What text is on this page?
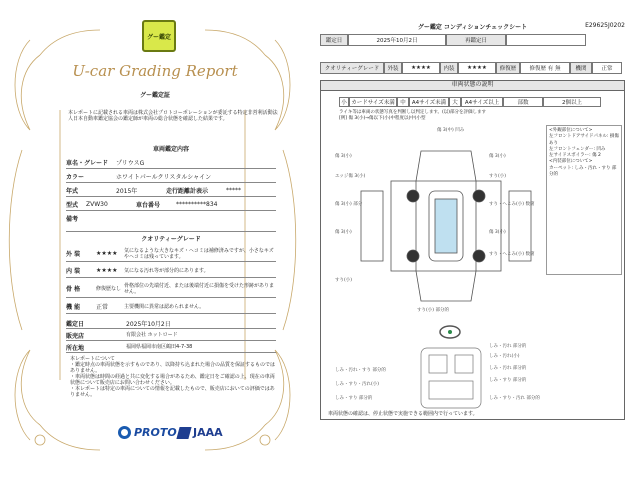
グー鑑定
U-car Grading Report
グー鑑定証
本レポートに記載される車両は株式会社プロトコーポレーションが委託する特定非営利活動法人日本自動車鑑定協会の鑑定師が車両の総合状態を確認した結果です。
車両鑑定内容
車名・グレード	プリウスG
カラー	ホワイトパールクリスタルシャイン
年式	2015年	走行距離計表示	*****
型式	ZVW30	車台番号	**********834
備考
クオリティーグレード
外 装	★★★★	気になるような大きなキズ・ヘコミは補修済みですが、小さなキズやヘコミは残っています。
内 装	★★★★	気になる汚れ等が部分的にあります。
骨 格	修復歴なし 骨格部位の先端付近、または後端付近に損傷を受けた形跡がありません。
機 能	正常	主要機関に異常は認められません。
鑑定日	2025年10月2日
販売店	有限会社 ホットロード
所在地	福岡県福岡市南区鶴田4-7-38
本レポートについて
・鑑定時点の車両状態を示すものであり、以降持ち込まれた場合の品質を保証するものではありません。
・車両状態は時間の経過と共に変化する場合があるため、鑑定日をご確認の上、現在の車両状態について販売店にお問い合わせください。
・本レポートは特定の車両についての情報を記載したもので、販売店においての評価ではありません。
PROTO JAAA
グー鑑定 コンディションチェックシート	E29625J0202
鑑定日	2025年10月2日	再鑑定日
クオリティーグレード	外装	★★★★	内装	★★★★	修復歴	修復歴 有 無	機関	正常
車両状態の説明
小 カードサイズ未満 中	A4サイズ未満	大	A4サイズ以上	部数	2個以上
ライキ等は車両の状態写真を判断し以判定します。(以)部分を評価します
[例] 傷 3(小)→傷以下(小)中程度以(中)小型
傷 3(中) 凹み
傷 3(小)	傷 3(小)
エッジ傷 3(小)	すり(小)
傷 3(小) 部分	すり・へこみ(小) 数箇
傷 3(小)	傷 3(小)
すり・へこみ(小) 数箇
すり(小)
すり(小) 部分的
<外観部位について>
左フロントドアサイドパネル: 損傷
あり
左フロントフェンダー: 凹み
左サイドスポイラー: 傷 2
<内装部位について>
カーペット: しみ・汚れ・すり 部分的
しみ・汚れ 部分的
しみ・汚れ(小)
しみ・汚れ 部分的
しみ・すり 部分的
しみ・汚れ・すり 部分的
しみ・すり・汚れ(小)
しみ・すり 部分的	しみ・すり・汚れ 部分的
車両状態の確認は、停止状態で実施できる範囲内で行っています。
